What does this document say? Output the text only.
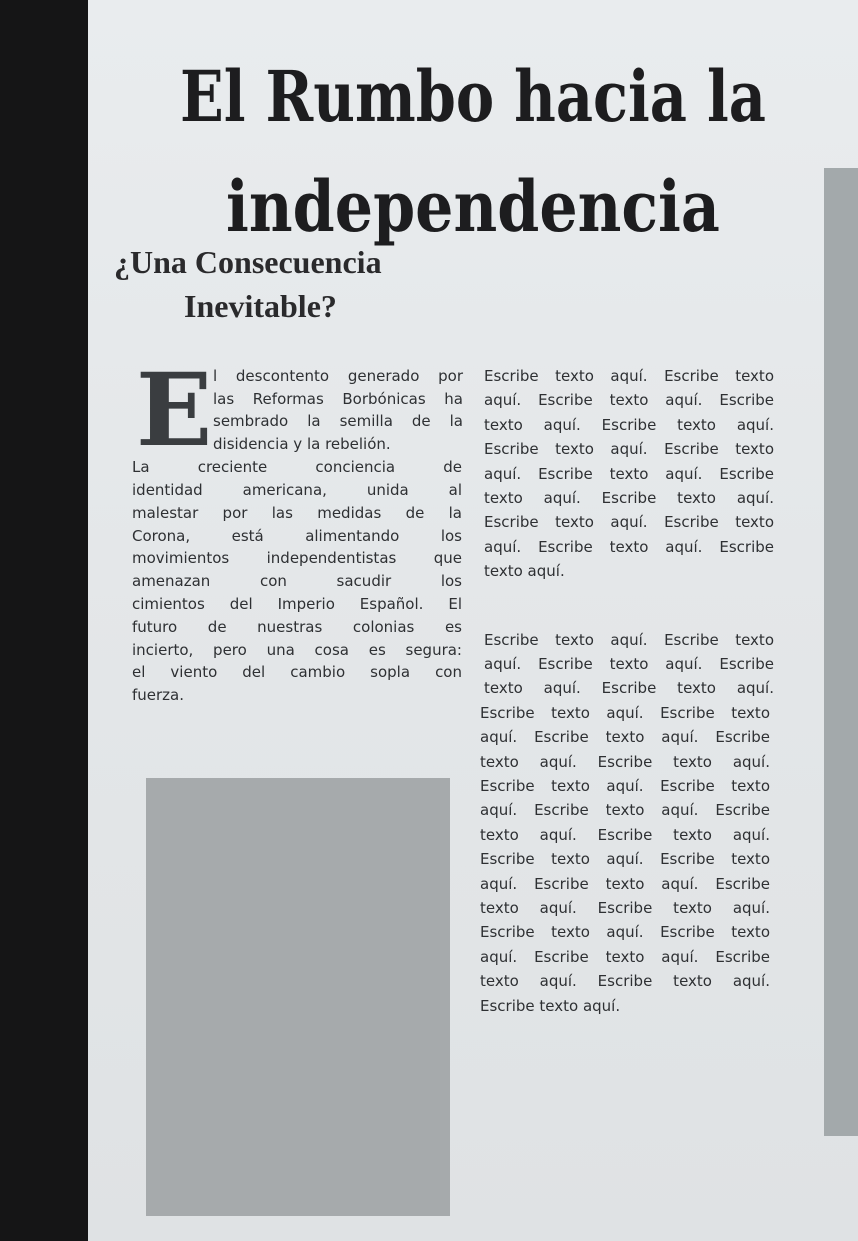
El Rumbo hacia la
independencia
¿Una Consecuencia
Inevitable?
E l descontento generado por
las Reformas Borbónicas ha
sembrado la semilla de la
disidencia y la rebelión.
La creciente conciencia de
identidad americana, unida al
malestar por las medidas de la
Corona, está alimentando los
movimientos independentistas que
amenazan con sacudir los
cimientos del Imperio Español. El
futuro de nuestras colonias es
incierto, pero una cosa es segura:
el viento del cambio sopla con
fuerza.
Escribe texto aquí. Escribe texto
aquí. Escribe texto aquí. Escribe
texto aquí. Escribe texto aquí.
Escribe texto aquí. Escribe texto
aquí. Escribe texto aquí. Escribe
texto aquí. Escribe texto aquí.
Escribe texto aquí. Escribe texto
aquí. Escribe texto aquí. Escribe
texto aquí.
Escribe texto aquí. Escribe texto
aquí. Escribe texto aquí. Escribe
texto aquí. Escribe texto aquí.
Escribe texto aquí. Escribe texto
aquí. Escribe texto aquí. Escribe
texto aquí. Escribe texto aquí.
Escribe texto aquí. Escribe texto
aquí. Escribe texto aquí. Escribe
texto aquí. Escribe texto aquí.
Escribe texto aquí. Escribe texto
aquí. Escribe texto aquí. Escribe
texto aquí. Escribe texto aquí.
Escribe texto aquí. Escribe texto
aquí. Escribe texto aquí. Escribe
texto aquí. Escribe texto aquí.
Escribe texto aquí.
